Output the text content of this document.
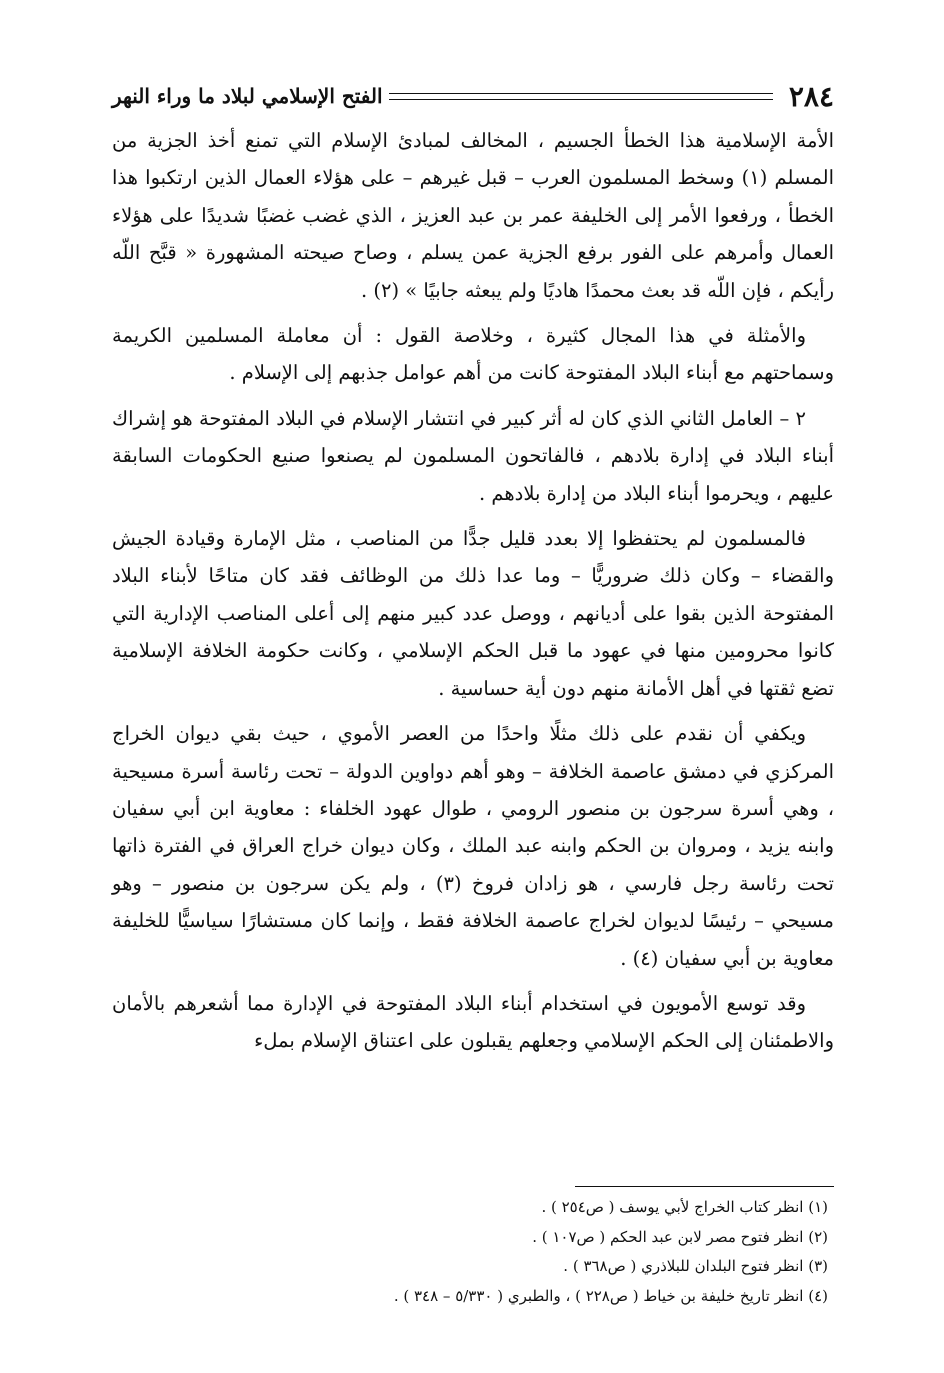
٢٨٤
الفتح الإسلامي لبلاد ما وراء النهر

الأمة الإسلامية هذا الخطأ الجسيم ، المخالف لمبادئ الإسلام التي تمنع أخذ الجزية من المسلم (١) وسخط المسلمون العرب – قبل غيرهم – على هؤلاء العمال الذين ارتكبوا هذا الخطأ ، ورفعوا الأمر إلى الخليفة عمر بن عبد العزيز ، الذي غضب غضبًا شديدًا على هؤلاء العمال وأمرهم على الفور برفع الجزية عمن يسلم ، وصاح صيحته المشهورة « قبَّح اللّه رأيكم ، فإن اللّه قد بعث محمدًا هاديًا ولم يبعثه جابيًا » (٢) .

والأمثلة في هذا المجال كثيرة ، وخلاصة القول : أن معاملة المسلمين الكريمة وسماحتهم مع أبناء البلاد المفتوحة كانت من أهم عوامل جذبهم إلى الإسلام .

٢ – العامل الثاني الذي كان له أثر كبير في انتشار الإسلام في البلاد المفتوحة هو إشراك أبناء البلاد في إدارة بلادهم ، فالفاتحون المسلمون لم يصنعوا صنيع الحكومات السابقة عليهم ، ويحرموا أبناء البلاد من إدارة بلادهم .

فالمسلمون لم يحتفظوا إلا بعدد قليل جدًّا من المناصب ، مثل الإمارة وقيادة الجيش والقضاء – وكان ذلك ضروريًّا – وما عدا ذلك من الوظائف فقد كان متاحًا لأبناء البلاد المفتوحة الذين بقوا على أديانهم ، ووصل عدد كبير منهم إلى أعلى المناصب الإدارية التي كانوا محرومين منها في عهود ما قبل الحكم الإسلامي ، وكانت حكومة الخلافة الإسلامية تضع ثقتها في أهل الأمانة منهم دون أية حساسية .

ويكفي أن نقدم على ذلك مثلًا واحدًا من العصر الأموي ، حيث بقي ديوان الخراج المركزي في دمشق عاصمة الخلافة – وهو أهم دواوين الدولة – تحت رئاسة أسرة مسيحية ، وهي أسرة سرجون بن منصور الرومي ، طوال عهود الخلفاء : معاوية ابن أبي سفيان وابنه يزيد ، ومروان بن الحكم وابنه عبد الملك ، وكان ديوان خراج العراق في الفترة ذاتها تحت رئاسة رجل فارسي ، هو زادان فروخ (٣) ، ولم يكن سرجون بن منصور – وهو مسيحي – رئيسًا لديوان لخراج عاصمة الخلافة فقط ، وإنما كان مستشارًا سياسيًّا للخليفة معاوية بن أبي سفيان (٤) .

وقد توسع الأمويون في استخدام أبناء البلاد المفتوحة في الإدارة مما أشعرهم بالأمان والاطمئنان إلى الحكم الإسلامي وجعلهم يقبلون على اعتناق الإسلام بملء

(١) انظر كتاب الخراج لأبي يوسف ( ص٢٥٤ ) .

(٢) انظر فتوح مصر لابن عبد الحكم ( ص١٠٧ ) .

(٣) انظر فتوح البلدان للبلاذري ( ص٣٦٨ ) .

(٤) انظر تاريخ خليفة بن خياط ( ص٢٢٨ ) ، والطبري ( ٥/٣٣٠ – ٣٤٨ ) .
